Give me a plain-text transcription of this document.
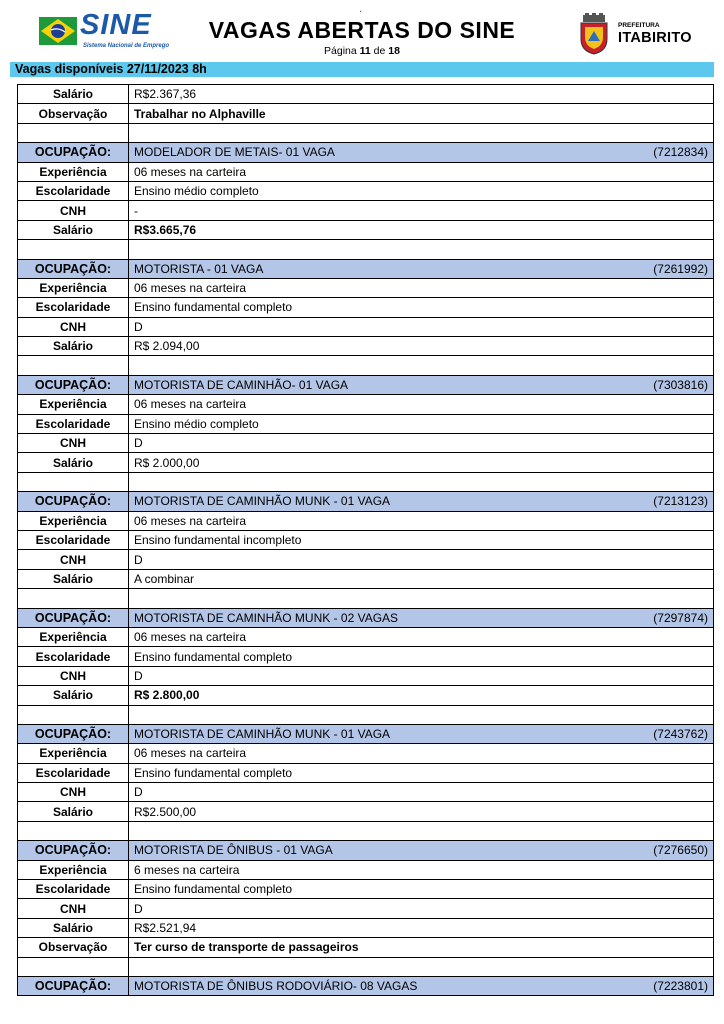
ˏ
SINE
Sistema Nacional de Emprego
VAGAS ABERTAS DO SINE
Página 11 de 18
PREFEITURA
ITABIRITO
Vagas disponíveis 27/11/2023 8h
Salário	R$2.367,36
Observação	Trabalhar no Alphaville

OCUPAÇÃO:	MODELADOR DE METAIS- 01 VAGA (7212834)

Experiência	06 meses na carteira
Escolaridade	Ensino médio completo
CNH	-
Salário	R$3.665,76

OCUPAÇÃO:	MOTORISTA - 01 VAGA (7261992)

Experiência	06 meses na carteira
Escolaridade	Ensino fundamental completo
CNH	D
Salário	R$ 2.094,00

OCUPAÇÃO:	MOTORISTA DE CAMINHÃO- 01 VAGA (7303816)

Experiência	06 meses na carteira
Escolaridade	Ensino médio completo
CNH	D
Salário	R$ 2.000,00

OCUPAÇÃO:	MOTORISTA DE CAMINHÃO MUNK - 01 VAGA (7213123)

Experiência	06 meses na carteira
Escolaridade	Ensino fundamental incompleto
CNH	D
Salário	A combinar

OCUPAÇÃO:	MOTORISTA DE CAMINHÃO MUNK - 02 VAGAS (7297874)

Experiência	06 meses na carteira
Escolaridade	Ensino fundamental completo
CNH	D
Salário	R$ 2.800,00

OCUPAÇÃO:	MOTORISTA DE CAMINHÃO MUNK - 01 VAGA (7243762)

Experiência	06 meses na carteira
Escolaridade	Ensino fundamental completo
CNH	D
Salário	R$2.500,00

OCUPAÇÃO:	MOTORISTA DE ÔNIBUS - 01 VAGA (7276650)

Experiência	6 meses na carteira
Escolaridade	Ensino fundamental completo
CNH	D
Salário	R$2.521,94
Observação	Ter curso de transporte de passageiros

OCUPAÇÃO:	MOTORISTA DE ÔNIBUS RODOVIÁRIO- 08 VAGAS (7223801)
